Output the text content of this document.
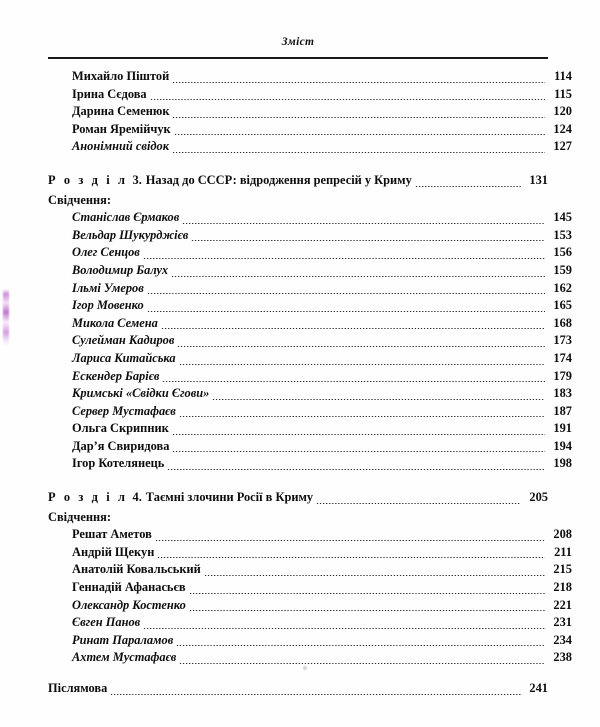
Зміст
Михайло Піштой	114
Ірина Сєдова	115
Дарина Семенюк	120
Роман Яремійчук	124
Анонімний свідок	127
Р о з д і л 3. Назад до СССР: відродження репресій у Криму	131
Свідчення:
Станіслав Єрмаков	145
Вельдар Шукурджієв	153
Олег Сенцов	156
Володимир Балух	159
Ільмі Умеров	162
Ігор Мовенко	165
Микола Семена	168
Сулейман Кадиров	173
Лариса Китайська	174
Ескендер Барієв	179
Кримські «Свідки Єгови»	183
Сервер Мустафаєв	187
Ольга Скрипник	191
Дар’я Свиридова	194
Ігор Котелянець	198
Р о з д і л 4. Таємні злочини Росії в Криму	205
Свідчення:
Решат Аметов	208
Андрій Щекун	211
Анатолій Ковальський	215
Геннадій Афанасьєв	218
Олександр Костенко	221
Євген Панов	231
Ринат Параламов	234
Ахтем Мустафаєв	238
Післямова	241
